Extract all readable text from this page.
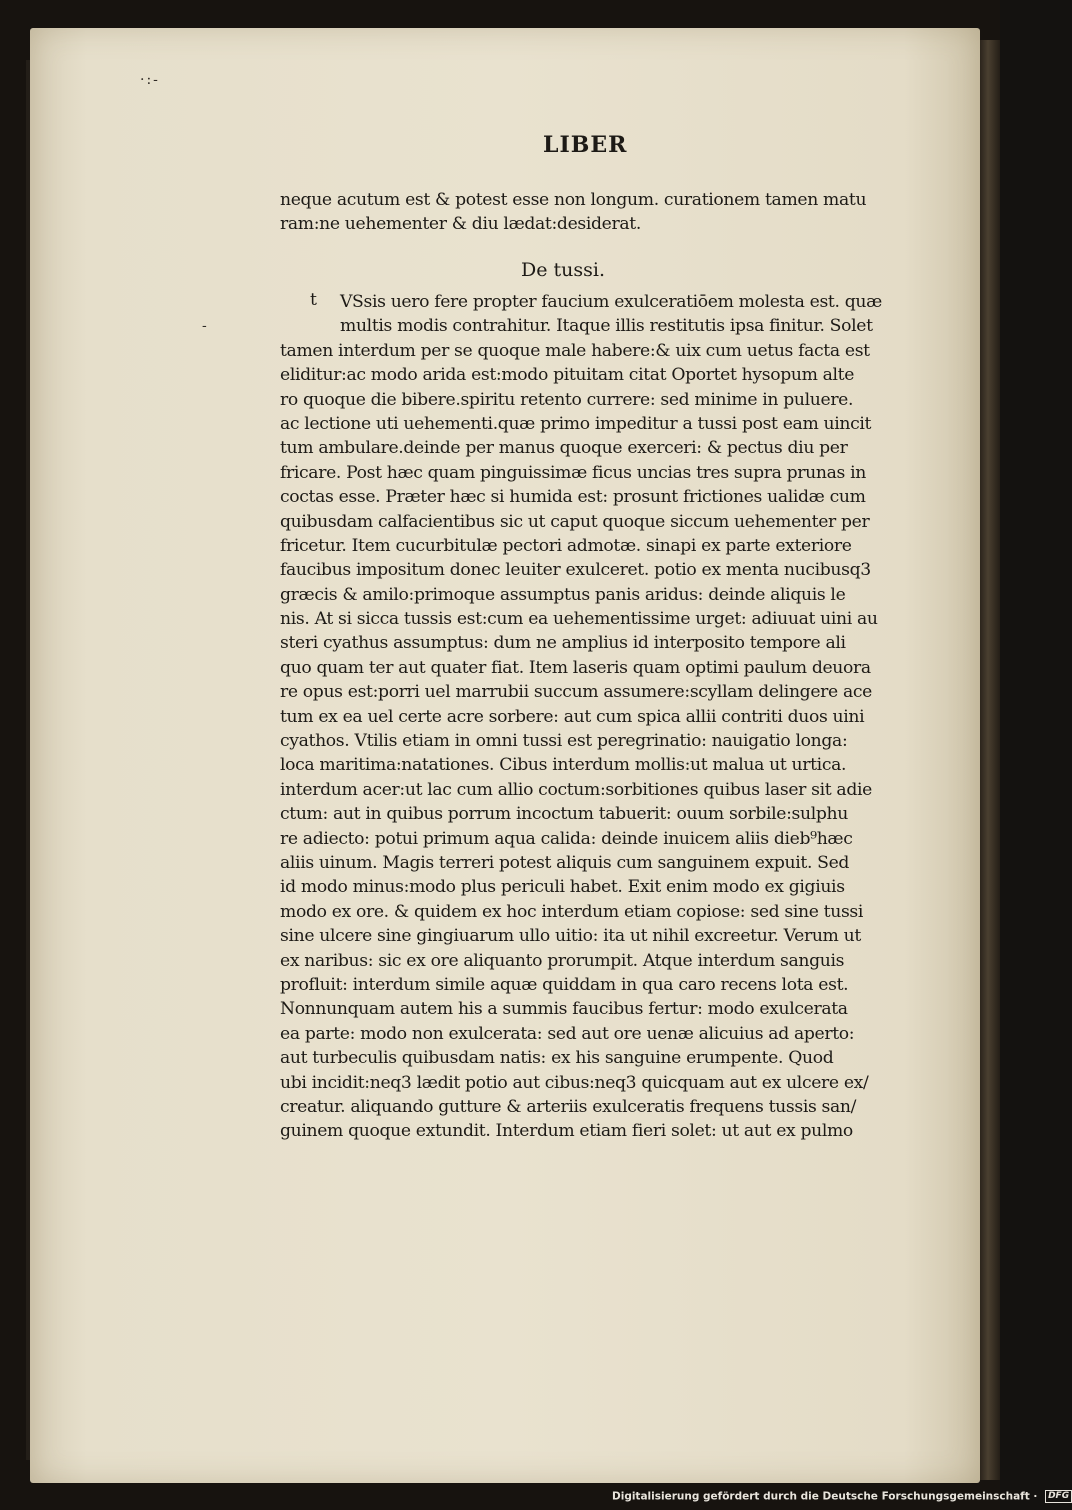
·:-
-
LIBER
neque acutum est & potest esse non longum. curationem tamen matu
ram:ne uehementer & diu lædat:desiderat.
De tussi.
t	VSsis uero fere propter faucium exulceratiōem molesta est. quæ
multis modis contrahitur. Itaque illis restitutis ipsa finitur. Solet
tamen interdum per se quoque male habere:& uix cum uetus facta est
eliditur:ac modo arida est:modo pituitam citat Oportet hysopum alte
ro quoque die bibere.spiritu retento currere: sed minime in puluere.
ac lectione uti uehementi.quæ primo impeditur a tussi post eam uincit
tum ambulare.deinde per manus quoque exerceri: & pectus diu per
fricare. Post hæc quam pinguissimæ ficus uncias tres supra prunas in
coctas esse. Præter hæc si humida est: prosunt frictiones ualidæ cum
quibusdam calfacientibus sic ut caput quoque siccum uehementer per
fricetur. Item cucurbitulæ pectori admotæ. sinapi ex parte exteriore
faucibus impositum donec leuiter exulceret. potio ex menta nucibusq3
græcis & amilo:primoque assumptus panis aridus: deinde aliquis le
nis. At si sicca tussis est:cum ea uehementissime urget: adiuuat uini au
steri cyathus assumptus: dum ne amplius id interposito tempore ali
quo quam ter aut quater fiat. Item laseris quam optimi paulum deuora
re opus est:porri uel marrubii succum assumere:scyllam delingere ace
tum ex ea uel certe acre sorbere: aut cum spica allii contriti duos uini
cyathos. Vtilis etiam in omni tussi est peregrinatio: nauigatio longa:
loca maritima:natationes. Cibus interdum mollis:ut malua ut urtica.
interdum acer:ut lac cum allio coctum:sorbitiones quibus laser sit adie
ctum: aut in quibus porrum incoctum tabuerit: ouum sorbile:sulphu
re adiecto: potui primum aqua calida: deinde inuicem aliis dieb⁹hæc
aliis uinum. Magis terreri potest aliquis cum sanguinem expuit. Sed
id modo minus:modo plus periculi habet. Exit enim modo ex gigiuis
modo ex ore. & quidem ex hoc interdum etiam copiose: sed sine tussi
sine ulcere sine gingiuarum ullo uitio: ita ut nihil excreetur. Verum ut
ex naribus: sic ex ore aliquanto prorumpit. Atque interdum sanguis
profluit: interdum simile aquæ quiddam in qua caro recens lota est.
Nonnunquam autem his a summis faucibus fertur: modo exulcerata
ea parte: modo non exulcerata: sed aut ore uenæ alicuius ad aperto:
aut turbeculis quibusdam natis: ex his sanguine erumpente. Quod
ubi incidit:neq3 lædit potio aut cibus:neq3 quicquam aut ex ulcere ex/
creatur. aliquando gutture & arteriis exulceratis frequens tussis san/
guinem quoque extundit. Interdum etiam fieri solet: ut aut ex pulmo
Digitalisierung gefördert durch die Deutsche Forschungsgemeinschaft · DFG
